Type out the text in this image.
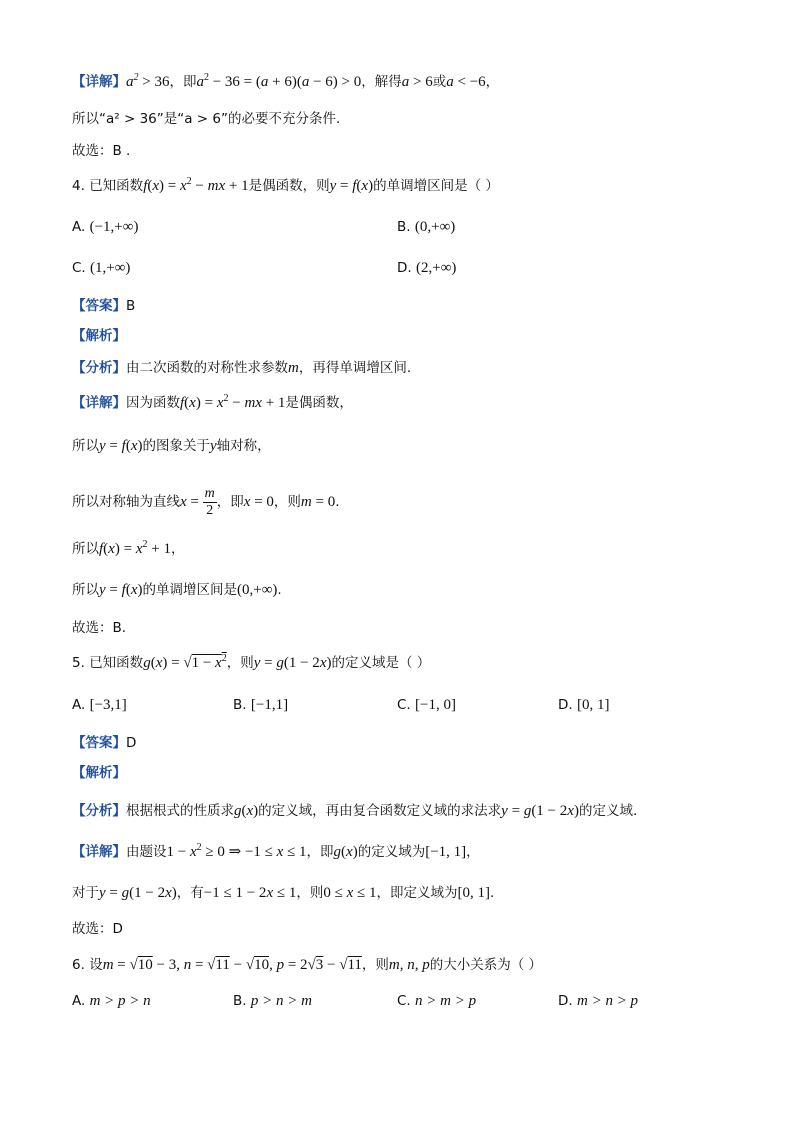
【详解】$a^2 > 36$，即$a^2 - 36 = (a + 6)(a - 6) > 0$，解得a > 6或a < −6，
所以“a² > 36”是“a > 6”的必要不充分条件.
故选：B .
4. 已知函数$f(x) = x^2$ − mx + 1是偶函数，则y = f(x)的单调增区间是（ ）
A. (−1,+∞)	B. (0,+∞)
C. (1,+∞)	D. (2,+∞)
【答案】B
【解析】
【分析】由二次函数的对称性求参数m，再得单调增区间.
【详解】因为函数$f(x) = x^2$ − mx + 1是偶函数，
所以y = f(x)的图象关于y轴对称，
所以对称轴为直线$x = \frac{m}{2}$ ，即x = 0，则m = 0.
所以$f(x) = x^2 + 1$，
所以y = f(x)的单调增区间是(0,+∞).
故选：B.
5. 已知函数$g(x) = √1 - x^2$，则y = g(1 − 2x)的定义域是（ ）
A. [−3,1]	B. [−1,1]	C. [−1, 0]	D. [0, 1]
【答案】D
【解析】
【分析】根据根式的性质求g(x)的定义域，再由复合函数定义域的求法求y = g(1 − 2x)的定义域.
【详解】由题设$1 - x^2 \ge 0$ ⇒ −1 ≤ x ≤ 1，即g(x)的定义域为[−1, 1]，
对于y = g(1 − 2x)，有−1 ≤ 1 − 2x ≤ 1，则0 ≤ x ≤ 1，即定义域为[0, 1].
故选：D
6. 设m = √10 − 3, n = √11 − √10, p = 2√3 − √11，则m, n, p的大小关系为（ ）
A. m > p > n	B. p > n > m	C. n > m > p	D. m > n > p
